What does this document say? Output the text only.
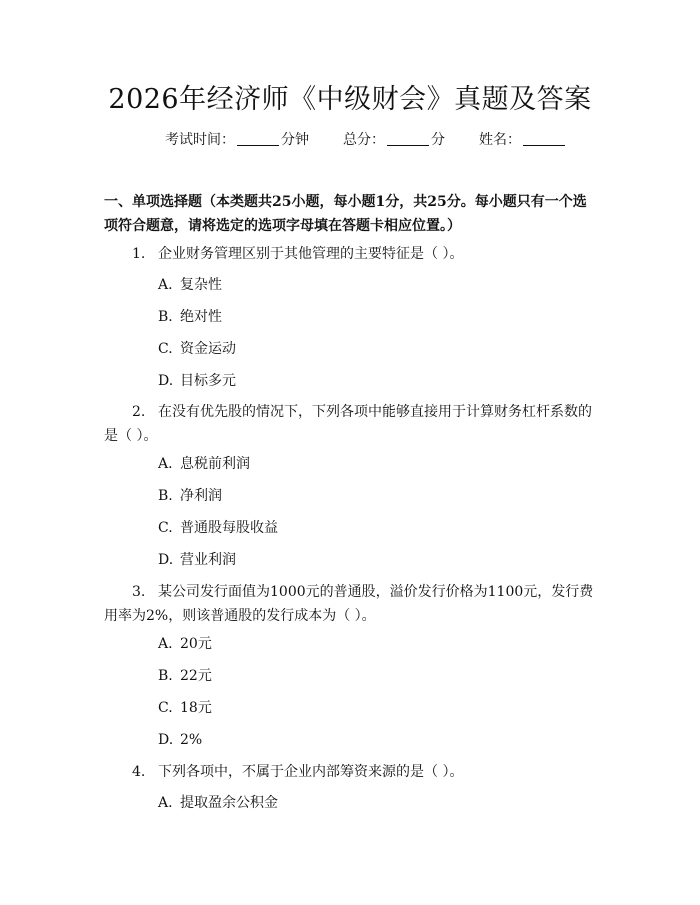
2026年经济师《中级财会》真题及答案
考试时间：	分钟 总分：	分 姓名：
一、单项选择题（本类题共25小题，每小题1分，共25分。每小题只有一个选项符合题意，请将选定的选项字母填在答题卡相应位置。）
1. 企业财务管理区别于其他管理的主要特征是（ ）。
A. 复杂性
B. 绝对性
C. 资金运动
D. 目标多元
2. 在没有优先股的情况下，下列各项中能够直接用于计算财务杠杆系数的是（ ）。
A. 息税前利润
B. 净利润
C. 普通股每股收益
D. 营业利润
3. 某公司发行面值为1000元的普通股，溢价发行价格为1100元，发行费用率为2%，则该普通股的发行成本为（ ）。
A. 20元
B. 22元
C. 18元
D. 2%
4. 下列各项中，不属于企业内部筹资来源的是（ ）。
A. 提取盈余公积金
